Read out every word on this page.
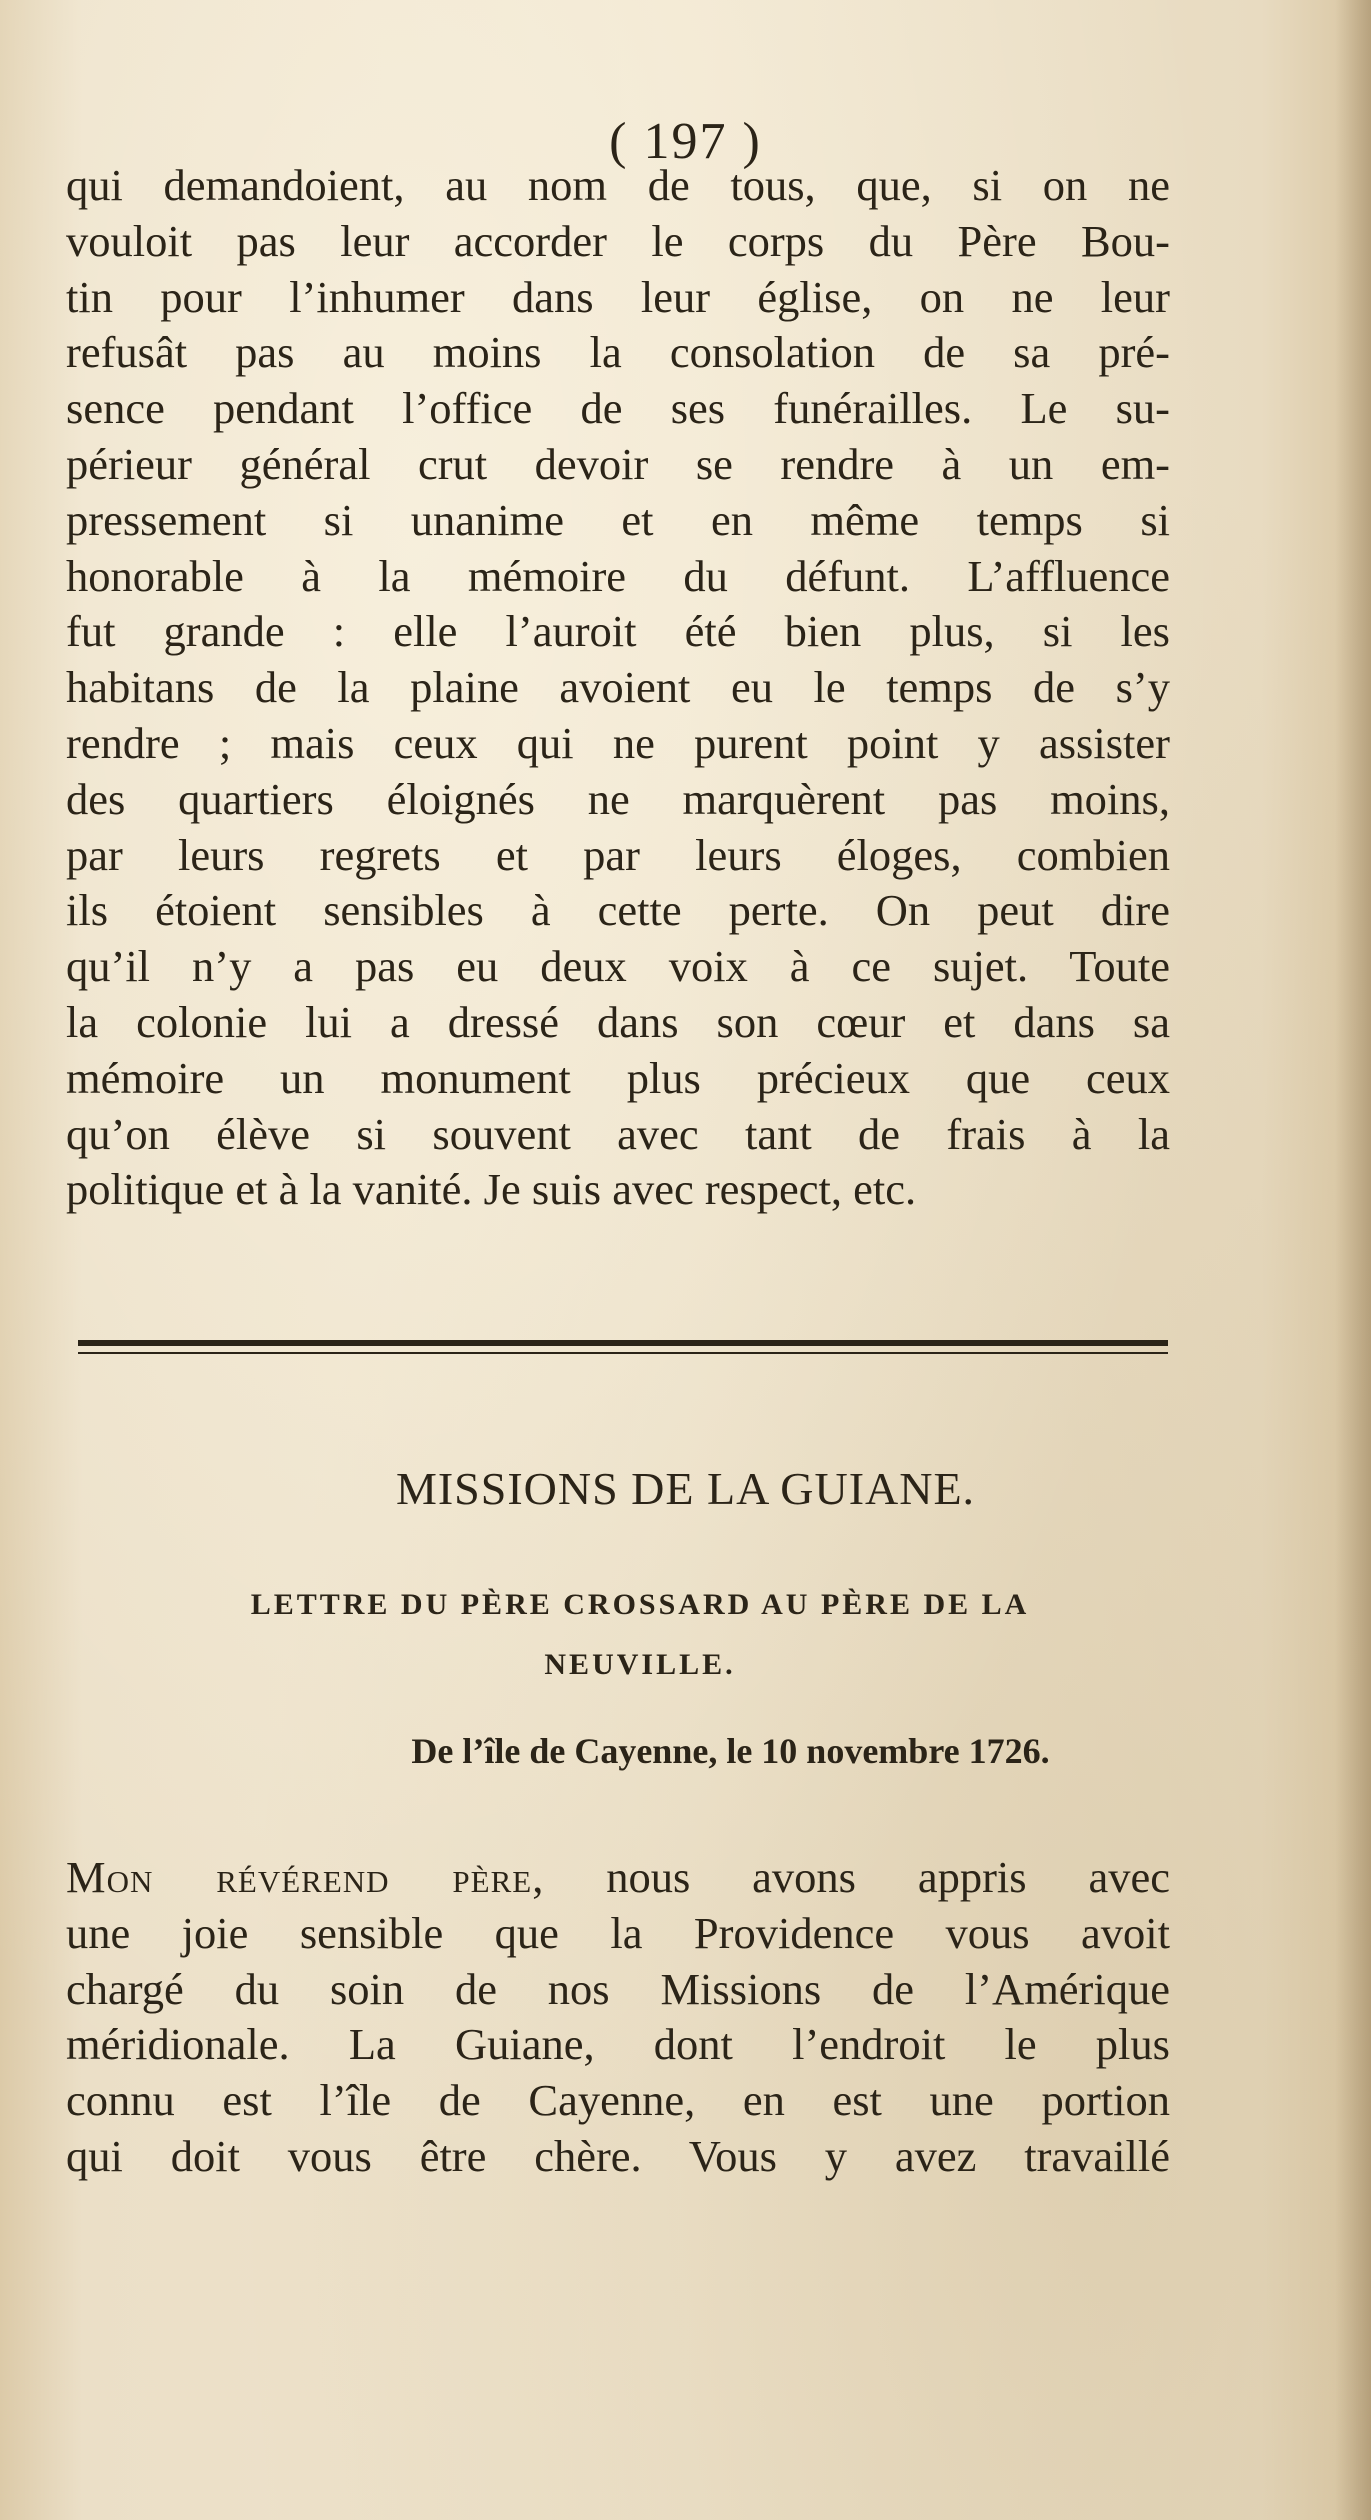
( 197 )
qui demandoient, au nom de tous, que, si on ne
vouloit pas leur accorder le corps du Père Bou-
tin pour l’inhumer dans leur église, on ne leur
refusât pas au moins la consolation de sa pré-
sence pendant l’office de ses funérailles. Le su-
périeur général crut devoir se rendre à un em-
pressement si unanime et en même temps si
honorable à la mémoire du défunt. L’affluence
fut grande : elle l’auroit été bien plus, si les
habitans de la plaine avoient eu le temps de s’y
rendre ; mais ceux qui ne purent point y assister
des quartiers éloignés ne marquèrent pas moins,
par leurs regrets et par leurs éloges, combien
ils étoient sensibles à cette perte. On peut dire
qu’il n’y a pas eu deux voix à ce sujet. Toute
la colonie lui a dressé dans son cœur et dans sa
mémoire un monument plus précieux que ceux
qu’on élève si souvent avec tant de frais à la
politique et à la vanité. Je suis avec respect, etc.
MISSIONS DE LA GUIANE.
LETTRE DU PÈRE CROSSARD AU PÈRE DE LA
NEUVILLE.
De l’île de Cayenne, le 10 novembre 1726.
Mon révérend père, nous avons appris avec
une joie sensible que la Providence vous avoit
chargé du soin de nos Missions de l’Amérique
méridionale. La Guiane, dont l’endroit le plus
connu est l’île de Cayenne, en est une portion
qui doit vous être chère. Vous y avez travaillé
